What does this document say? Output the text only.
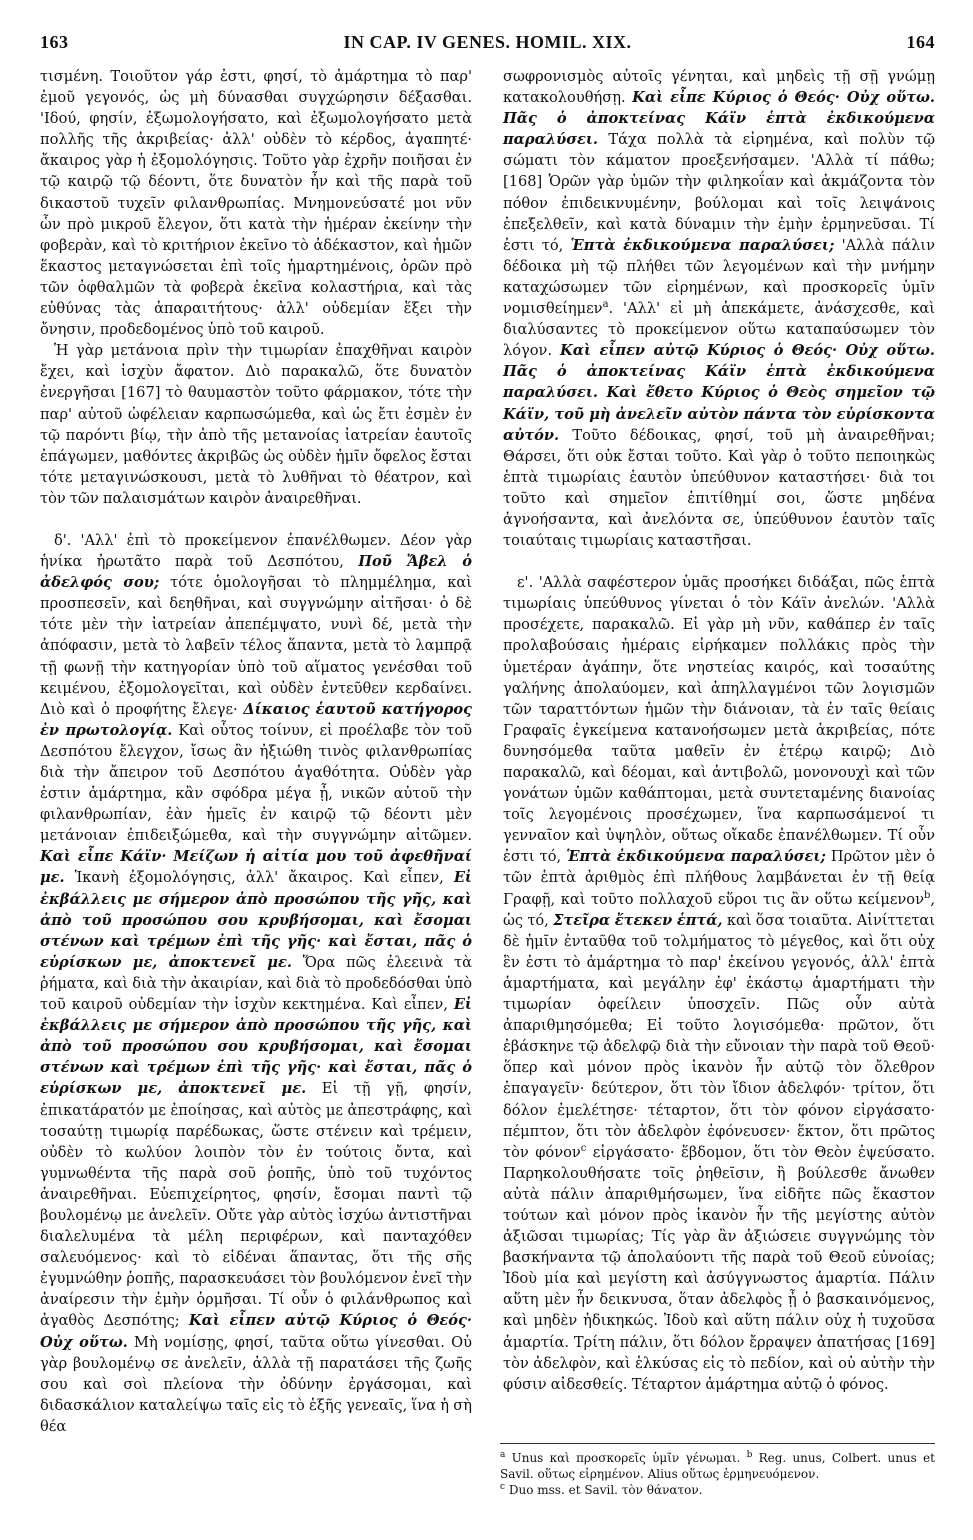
163	IN CAP. IV GENES. HOMIL. XIX.	164

τισμένη. Τοιοῦτον γάρ ἐστι, φησί, τὸ ἁμάρτημα τὸ παρ' ἐμοῦ γεγονός, ὡς μὴ δύνασθαι συγχώρησιν δέξασθαι. 'Ιδού, φησίν, ἐξωμολογήσατο, καὶ ἐξωμολογήσατο μετὰ πολλῆς τῆς ἀκριβείας· ἀλλ' οὐδὲν τὸ κέρδος, ἀγαπητέ· ἄκαιρος γὰρ ἡ ἐξομολόγησις. Τοῦτο γὰρ ἐχρῆν ποιῆσαι ἐν τῷ καιρῷ τῷ δέοντι, ὅτε δυνατὸν ἦν καὶ τῆς παρὰ τοῦ δικαστοῦ τυχεῖν φιλανθρωπίας. Μνημονεύσατέ μοι νῦν ὧν πρὸ μικροῦ ἔλεγον, ὅτι κατὰ τὴν ἡμέραν ἐκείνην τὴν φοβερὰν, καὶ τὸ κριτήριον ἐκεῖνο τὸ ἀδέκαστον, καὶ ἡμῶν ἕκαστος μεταγνώσεται ἐπὶ τοῖς ἡμαρτημένοις, ὁρῶν πρὸ τῶν ὀφθαλμῶν τὰ φοβερὰ ἐκεῖνα κολαστήρια, καὶ τὰς εὐθύνας τὰς ἀπαραιτήτους· ἀλλ' οὐδεμίαν ἕξει τὴν ὄνησιν, προδεδομένος ὑπὸ τοῦ καιροῦ.

Ἡ γὰρ μετάνοια πρὶν τὴν τιμωρίαν ἐπαχθῆναι καιρὸν ἔχει, καὶ ἰσχὺν ἄφατον. Διὸ παρακαλῶ, ὅτε δυνατὸν ἐνεργῆσαι [167] τὸ θαυμαστὸν τοῦτο φάρμακον, τότε τὴν παρ' αὐτοῦ ὠφέλειαν καρπωσώμεθα, καὶ ὡς ἔτι ἐσμὲν ἐν τῷ παρόντι βίῳ, τὴν ἀπὸ τῆς μετανοίας ἰατρείαν ἑαυτοῖς ἐπάγωμεν, μαθόντες ἀκριβῶς ὡς οὐδὲν ἡμῖν ὄφελος ἔσται τότε μεταγινώσκουσι, μετὰ τὸ λυθῆναι τὸ θέατρον, καὶ τὸν τῶν παλαισμάτων καιρὸν ἀναιρεθῆναι.

δ'. 'Αλλ' ἐπὶ τὸ προκείμενον ἐπανέλθωμεν. Δέον γὰρ ἡνίκα ἠρωτᾶτο παρὰ τοῦ Δεσπότου, Ποῦ Ἄβελ ὁ ἀδελφός σου; τότε ὁμολογῆσαι τὸ πλημμέλημα, καὶ προσπεσεῖν, καὶ δεηθῆναι, καὶ συγγνώμην αἰτῆσαι· ὁ δὲ τότε μὲν τὴν ἰατρείαν ἀπεπέμψατο, νυνὶ δέ, μετὰ τὴν ἀπόφασιν, μετὰ τὸ λαβεῖν τέλος ἅπαντα, μετὰ τὸ λαμπρᾷ τῇ φωνῇ τὴν κατηγορίαν ὑπὸ τοῦ αἵματος γενέσθαι τοῦ κειμένου, ἐξομολογεῖται, καὶ οὐδὲν ἐντεῦθεν κερδαίνει. Διὸ καὶ ὁ προφήτης ἔλεγε· Δίκαιος ἑαυτοῦ κατήγορος ἐν πρωτολογίᾳ. Καὶ οὗτος τοίνυν, εἰ προέλαβε τὸν τοῦ Δεσπότου ἔλεγχον, ἴσως ἂν ἠξιώθη τινὸς φιλανθρωπίας διὰ τὴν ἄπειρον τοῦ Δεσπότου ἀγαθότητα. Οὐδὲν γὰρ ἐστιν ἁμάρτημα, κἂν σφόδρα μέγα ᾖ, νικῶν αὐτοῦ τὴν φιλανθρωπίαν, ἐὰν ἡμεῖς ἐν καιρῷ τῷ δέοντι μὲν μετάνοιαν ἐπιδειξώμεθα, καὶ τὴν συγγνώμην αἰτῶμεν. Καὶ εἶπε Κάϊν· Μείζων ἡ αἰτία μου τοῦ ἀφεθῆναί με. Ἱκανὴ ἐξομολόγησις, ἀλλ' ἄκαιρος. Καὶ εἶπεν, Εἰ ἐκβάλλεις με σήμερον ἀπὸ προσώπου τῆς γῆς, καὶ ἀπὸ τοῦ προσώπου σου κρυβήσομαι, καὶ ἔσομαι στένων καὶ τρέμων ἐπὶ τῆς γῆς· καὶ ἔσται, πᾶς ὁ εὑρίσκων με, ἀποκτενεῖ με. Ὅρα πῶς ἐλεεινὰ τὰ ῥήματα, καὶ διὰ τὴν ἀκαιρίαν, καὶ διὰ τὸ προδεδόσθαι ὑπὸ τοῦ καιροῦ οὐδεμίαν τὴν ἰσχὺν κεκτημένα. Καὶ εἶπεν, Εἰ ἐκβάλλεις με σήμερον ἀπὸ προσώπου τῆς γῆς, καὶ ἀπὸ τοῦ προσώπου σου κρυβήσομαι, καὶ ἔσομαι στένων καὶ τρέμων ἐπὶ τῆς γῆς· καὶ ἔσται, πᾶς ὁ εὑρίσκων με, ἀποκτενεῖ με. Εἰ τῇ γῇ, φησίν, ἐπικατάρατόν με ἐποίησας, καὶ αὐτὸς με ἀπεστράφης, καὶ τοσαύτῃ τιμωρίᾳ παρέδωκας, ὥστε στένειν καὶ τρέμειν, οὐδὲν τὸ κωλύον λοιπὸν τὸν ἐν τούτοις ὄντα, καὶ γυμνωθέντα τῆς παρὰ σοῦ ῥοπῆς, ὑπὸ τοῦ τυχόντος ἀναιρεθῆναι. Εὐεπιχείρητος, φησίν, ἔσομαι παντὶ τῷ βουλομένῳ με ἀνελεῖν. Οὔτε γὰρ αὐτὸς ἰσχύω ἀντιστῆναι διαλελυμένα τὰ μέλη περιφέρων, καὶ πανταχόθεν σαλευόμενος· καὶ τὸ εἰδέναι ἅπαντας, ὅτι τῆς σῆς ἐγυμνώθην ῥοπῆς, παρασκευάσει τὸν βουλόμενον ἐνεῖ τὴν ἀναίρεσιν τὴν ἐμὴν ὁρμῆσαι. Τί οὖν ὁ φιλάνθρωπος καὶ ἀγαθὸς Δεσπότης; Καὶ εἶπεν αὐτῷ Κύριος ὁ Θεός· Οὐχ οὕτω. Μὴ νομίσῃς, φησί, ταῦτα οὕτω γίνεσθαι. Οὐ γὰρ βουλομένῳ σε ἀνελεῖν, ἀλλὰ τῇ παρατάσει τῆς ζωῆς σου καὶ σοὶ πλείονα τὴν ὀδύνην ἐργάσομαι, καὶ διδασκάλιον καταλείψω ταῖς εἰς τὸ ἑξῆς γενεαῖς, ἵνα ἡ σὴ θέα

σωφρονισμὸς αὐτοῖς γένηται, καὶ μηδεὶς τῇ σῇ γνώμῃ κατακολουθήσῃ. Καὶ εἶπε Κύριος ὁ Θεός· Οὐχ οὕτω. Πᾶς ὁ ἀποκτείνας Κάϊν ἑπτὰ ἐκδικούμενα παραλύσει. Τάχα πολλὰ τὰ εἰρημένα, καὶ πολὺν τῷ σώματι τὸν κάματον προεξενήσαμεν. 'Αλλὰ τί πάθω; [168] Ὁρῶν γὰρ ὑμῶν τὴν φιληκοΐαν καὶ ἀκμάζοντα τὸν πόθον ἐπιδεικνυμένην, βούλομαι καὶ τοῖς λειψάνοις ἐπεξελθεῖν, καὶ κατὰ δύναμιν τὴν ἐμὴν ἑρμηνεῦσαι. Τί ἐστι τό, Ἑπτὰ ἐκδικούμενα παραλύσει; 'Αλλὰ πάλιν δέδοικα μὴ τῷ πλήθει τῶν λεγομένων καὶ τὴν μνήμην καταχώσωμεν τῶν εἰρημένων, καὶ προσκορεῖς ὑμῖν νομισθείημεν$^a$. 'Αλλ' εἰ μὴ ἀπεκάμετε, ἀνάσχεσθε, καὶ διαλύσαντες τὸ προκείμενον οὕτω καταπαύσωμεν τὸν λόγον. Καὶ εἶπεν αὐτῷ Κύριος ὁ Θεός· Οὐχ οὕτω. Πᾶς ὁ ἀποκτείνας Κάϊν ἑπτὰ ἐκδικούμενα παραλύσει. Καὶ ἔθετο Κύριος ὁ Θεὸς σημεῖον τῷ Κάϊν, τοῦ μὴ ἀνελεῖν αὐτὸν πάντα τὸν εὑρίσκοντα αὐτόν. Τοῦτο δέδοικας, φησί, τοῦ μὴ ἀναιρεθῆναι; Θάρσει, ὅτι οὐκ ἔσται τοῦτο. Καὶ γὰρ ὁ τοῦτο πεποιηκὼς ἑπτὰ τιμωρίαις ἑαυτὸν ὑπεύθυνον καταστήσει· διὰ τοι τοῦτο καὶ σημεῖον ἐπιτίθημί σοι, ὥστε μηδένα ἀγνοήσαντα, καὶ ἀνελόντα σε, ὑπεύθυνον ἑαυτὸν ταῖς τοιαύταις τιμωρίαις καταστῆσαι.

ε'. 'Αλλὰ σαφέστερον ὑμᾶς προσήκει διδάξαι, πῶς ἑπτὰ τιμωρίαις ὑπεύθυνος γίνεται ὁ τὸν Κάϊν ἀνελών. 'Αλλὰ προσέχετε, παρακαλῶ. Εἰ γὰρ μὴ νῦν, καθάπερ ἐν ταῖς προλαβούσαις ἡμέραις εἰρήκαμεν πολλάκις πρὸς τὴν ὑμετέραν ἀγάπην, ὅτε νηστείας καιρός, καὶ τοσαύτης γαλήνης ἀπολαύομεν, καὶ ἀπηλλαγμένοι τῶν λογισμῶν τῶν ταραττόντων ἡμῶν τὴν διάνοιαν, τὰ ἐν ταῖς θείαις Γραφαῖς ἐγκείμενα κατανοήσωμεν μετὰ ἀκριβείας, πότε δυνησόμεθα ταῦτα μαθεῖν ἐν ἑτέρῳ καιρῷ; Διὸ παρακαλῶ, καὶ δέομαι, καὶ ἀντιβολῶ, μονονουχὶ καὶ τῶν γονάτων ὑμῶν καθάπτομαι, μετὰ συντεταμένης διανοίας τοῖς λεγομένοις προσέχωμεν, ἵνα καρπωσάμενοί τι γενναῖον καὶ ὑψηλὸν, οὕτως οἴκαδε ἐπανέλθωμεν. Τί οὖν ἐστι τό, Ἑπτὰ ἐκδικούμενα παραλύσει; Πρῶτον μὲν ὁ τῶν ἑπτὰ ἀριθμὸς ἐπὶ πλήθους λαμβάνεται ἐν τῇ θείᾳ Γραφῇ, καὶ τοῦτο πολλαχοῦ εὕροι τις ἂν οὕτω κείμενον$^b$, ὡς τό, Στεῖρα ἔτεκεν ἑπτά, καὶ ὅσα τοιαῦτα. Αἰνίττεται δὲ ἡμῖν ἐνταῦθα τοῦ τολμήματος τὸ μέγεθος, καὶ ὅτι οὐχ ἓν ἐστι τὸ ἁμάρτημα τὸ παρ' ἐκείνου γεγονός, ἀλλ' ἑπτὰ ἁμαρτήματα, καὶ μεγάλην ἐφ' ἑκάστῳ ἁμαρτήματι τὴν τιμωρίαν ὀφείλειν ὑποσχεῖν. Πῶς οὖν αὐτὰ ἀπαριθμησόμεθα; Εἰ τοῦτο λογισόμεθα· πρῶτον, ὅτι ἐβάσκηνε τῷ ἀδελφῷ διὰ τὴν εὔνοιαν τὴν παρὰ τοῦ Θεοῦ· ὅπερ καὶ μόνον πρὸς ἱκανὸν ἦν αὐτῷ τὸν ὄλεθρον ἐπαγαγεῖν· δεύτερον, ὅτι τὸν ἴδιον ἀδελφόν· τρίτον, ὅτι δόλον ἐμελέτησε· τέταρτον, ὅτι τὸν φόνον εἰργάσατο· πέμπτον, ὅτι τὸν ἀδελφὸν ἐφόνευσεν· ἕκτον, ὅτι πρῶτος τὸν φόνον$^c$ εἰργάσατο· ἕβδομον, ὅτι τὸν Θεὸν ἐψεύσατο. Παρηκολουθήσατε τοῖς ῥηθεῖσιν, ἢ βούλεσθε ἄνωθεν αὐτὰ πάλιν ἀπαριθμήσωμεν, ἵνα εἰδῆτε πῶς ἕκαστον τούτων καὶ μόνον πρὸς ἱκανὸν ἦν τῆς μεγίστης αὐτὸν ἀξιῶσαι τιμωρίας; Τίς γὰρ ἂν ἀξιώσειε συγγνώμης τὸν βασκήναντα τῷ ἀπολαύοντι τῆς παρὰ τοῦ Θεοῦ εὐνοίας; Ἰδοὺ μία καὶ μεγίστη καὶ ἀσύγγνωστος ἁμαρτία. Πάλιν αὕτη μὲν ἦν δεικνυσα, ὅταν ἀδελφὸς ᾖ ὁ βασκαινόμενος, καὶ μηδὲν ἠδικηκώς. Ἰδοὺ καὶ αὕτη πάλιν οὐχ ἡ τυχοῦσα ἁμαρτία. Τρίτη πάλιν, ὅτι δόλον ἔρραψεν ἀπατήσας [169] τὸν ἀδελφὸν, καὶ ἑλκύσας εἰς τὸ πεδίον, καὶ οὐ αὐτὴν τὴν φύσιν αἰδεσθείς. Τέταρτον ἁμάρτημα αὐτῷ ὁ φόνος.

$^a$ Unus καὶ προσκορεῖς ὑμῖν γένωμαι. $^b$ Reg. unus, Colbert. unus et Savil. οὕτως εἰρημένον. Alius οὕτως ἑρμηνευόμενον.
$^c$ Duo mss. et Savil. τὸν θάνατον.
